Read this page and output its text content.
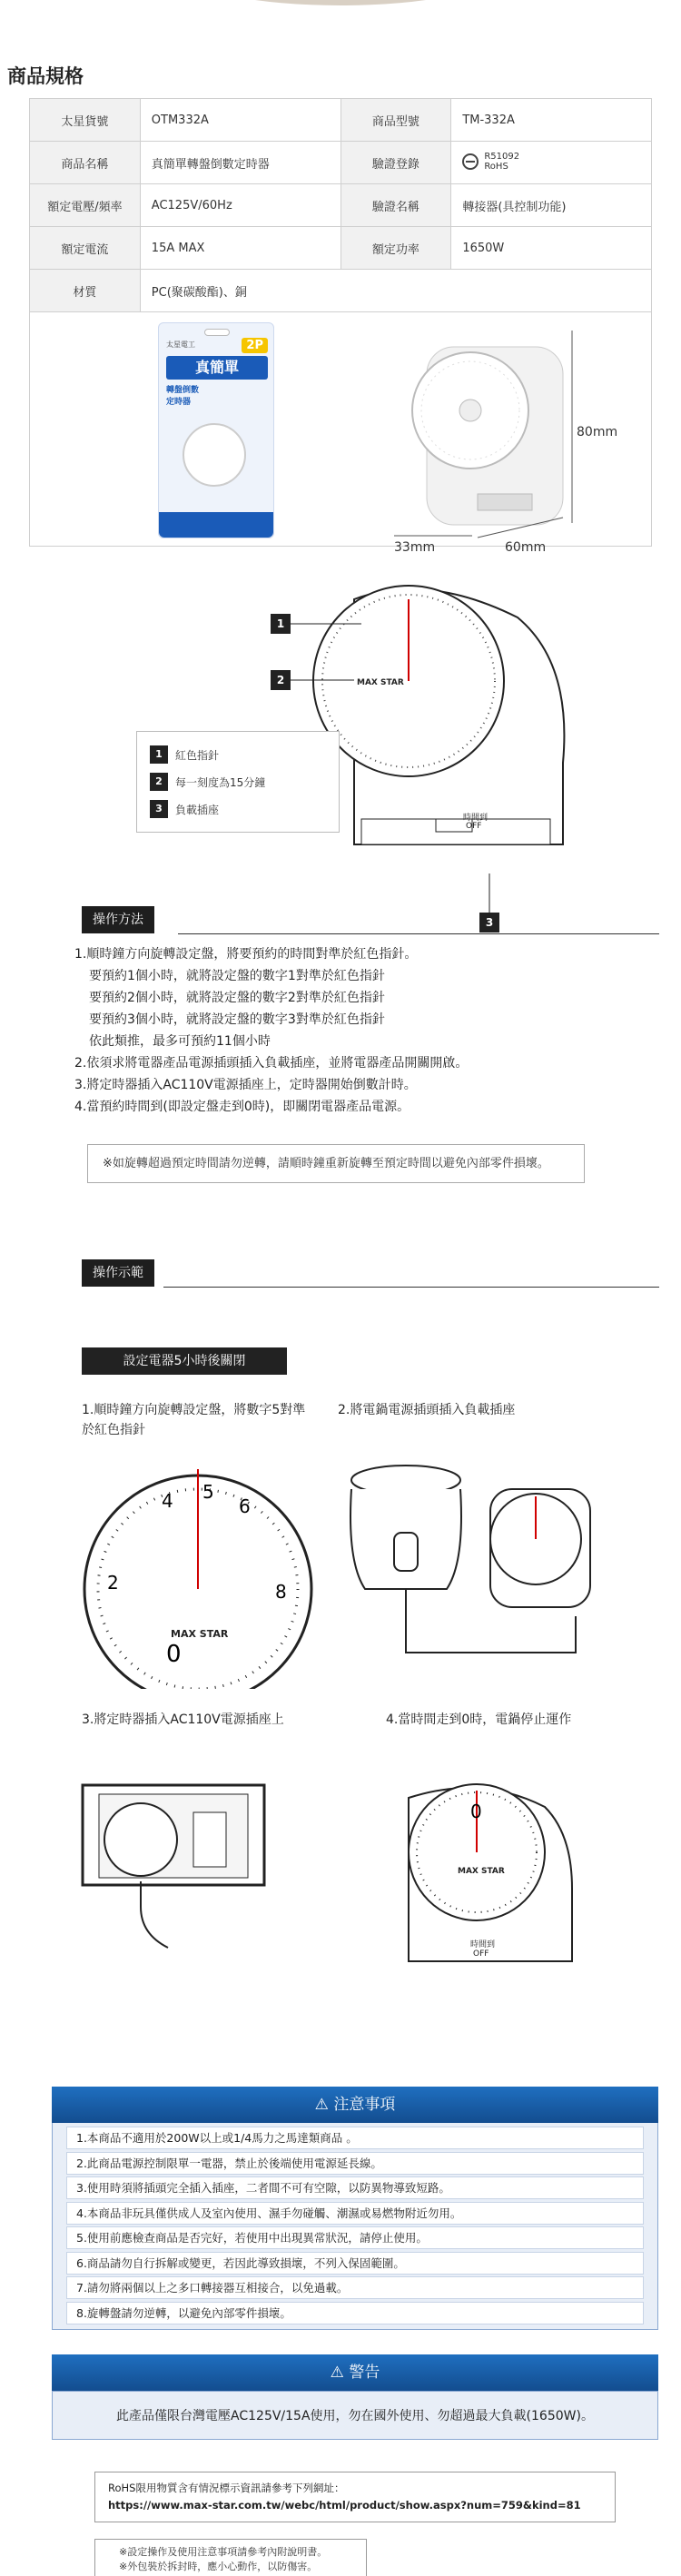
商品規格
太星貨號	OTM332A	商品型號	TM-332A
商品名稱	真簡單轉盤倒數定時器	驗證登錄	R51092
RoHS

額定電壓/頻率	AC125V/60Hz	驗證名稱	轉接器(具控制功能)
額定電流	15A MAX	額定功率	1650W
材質	PC(聚碳酸酯)、銅		

太星電工	2P
真簡單
轉盤倒數
定時器
80mm
33mm	60mm
MAX STAR
時間到
OFF
1
2
3
1	紅色指針
2	每一刻度為15分鐘
3	負載插座
操作方法
1.順時鐘方向旋轉設定盤，將要預約的時間對準於紅色指針。
要預約1個小時，就將設定盤的數字1對準於紅色指針
要預約2個小時，就將設定盤的數字2對準於紅色指針
要預約3個小時，就將設定盤的數字3對準於紅色指針
依此類推，最多可預約11個小時
2.依須求將電器產品電源插頭插入負載插座，並將電器產品開關開啟。
3.將定時器插入AC110V電源插座上，定時器開始倒數計時。
4.當預約時間到(即設定盤走到0時)，即關閉電器產品電源。
※如旋轉超過預定時間請勿逆轉，請順時鐘重新旋轉至預定時間以避免內部零件損壞。
操作示範
設定電器5小時後關閉
1.順時鐘方向旋轉設定盤，將數字5對準於紅色指針
2.將電鍋電源插頭插入負載插座
5
6
8
4
2
0
MAX STAR
3.將定時器插入AC110V電源插座上	4.當時間走到0時，電鍋停止運作
0
MAX STAR
時間到
OFF
⚠ 注意事項
1.本商品不適用於200W以上或1/4馬力之馬達類商品 。
2.此商品電源控制限單一電器，禁止於後端使用電源延長線。
3.使用時須將插頭完全插入插座，二者間不可有空隙，以防異物導致短路。
4.本商品非玩具僅供成人及室內使用、濕手勿碰觸、潮濕或易燃物附近勿用。
5.使用前應檢查商品是否完好，若使用中出現異常狀況，請停止使用。
6.商品請勿自行拆解或變更，若因此導致損壞，不列入保固範圍。
7.請勿將兩個以上之多口轉接器互相接合，以免過載。
⚠ 警告
此產品僅限台灣電壓AC125V/15A使用，勿在國外使用、勿超過最大負載(1650W)。
RoHS限用物質含有情況標示資訊請參考下列網址：
https://www.max-star.com.tw/webc/html/product/show.aspx?num=759&kind=81
※設定操作及使用注意事項請參考內附說明書。
※外包裝於拆封時，應小心動作，以防傷害。
8.旋轉盤請勿逆轉，以避免內部零件損壞。
